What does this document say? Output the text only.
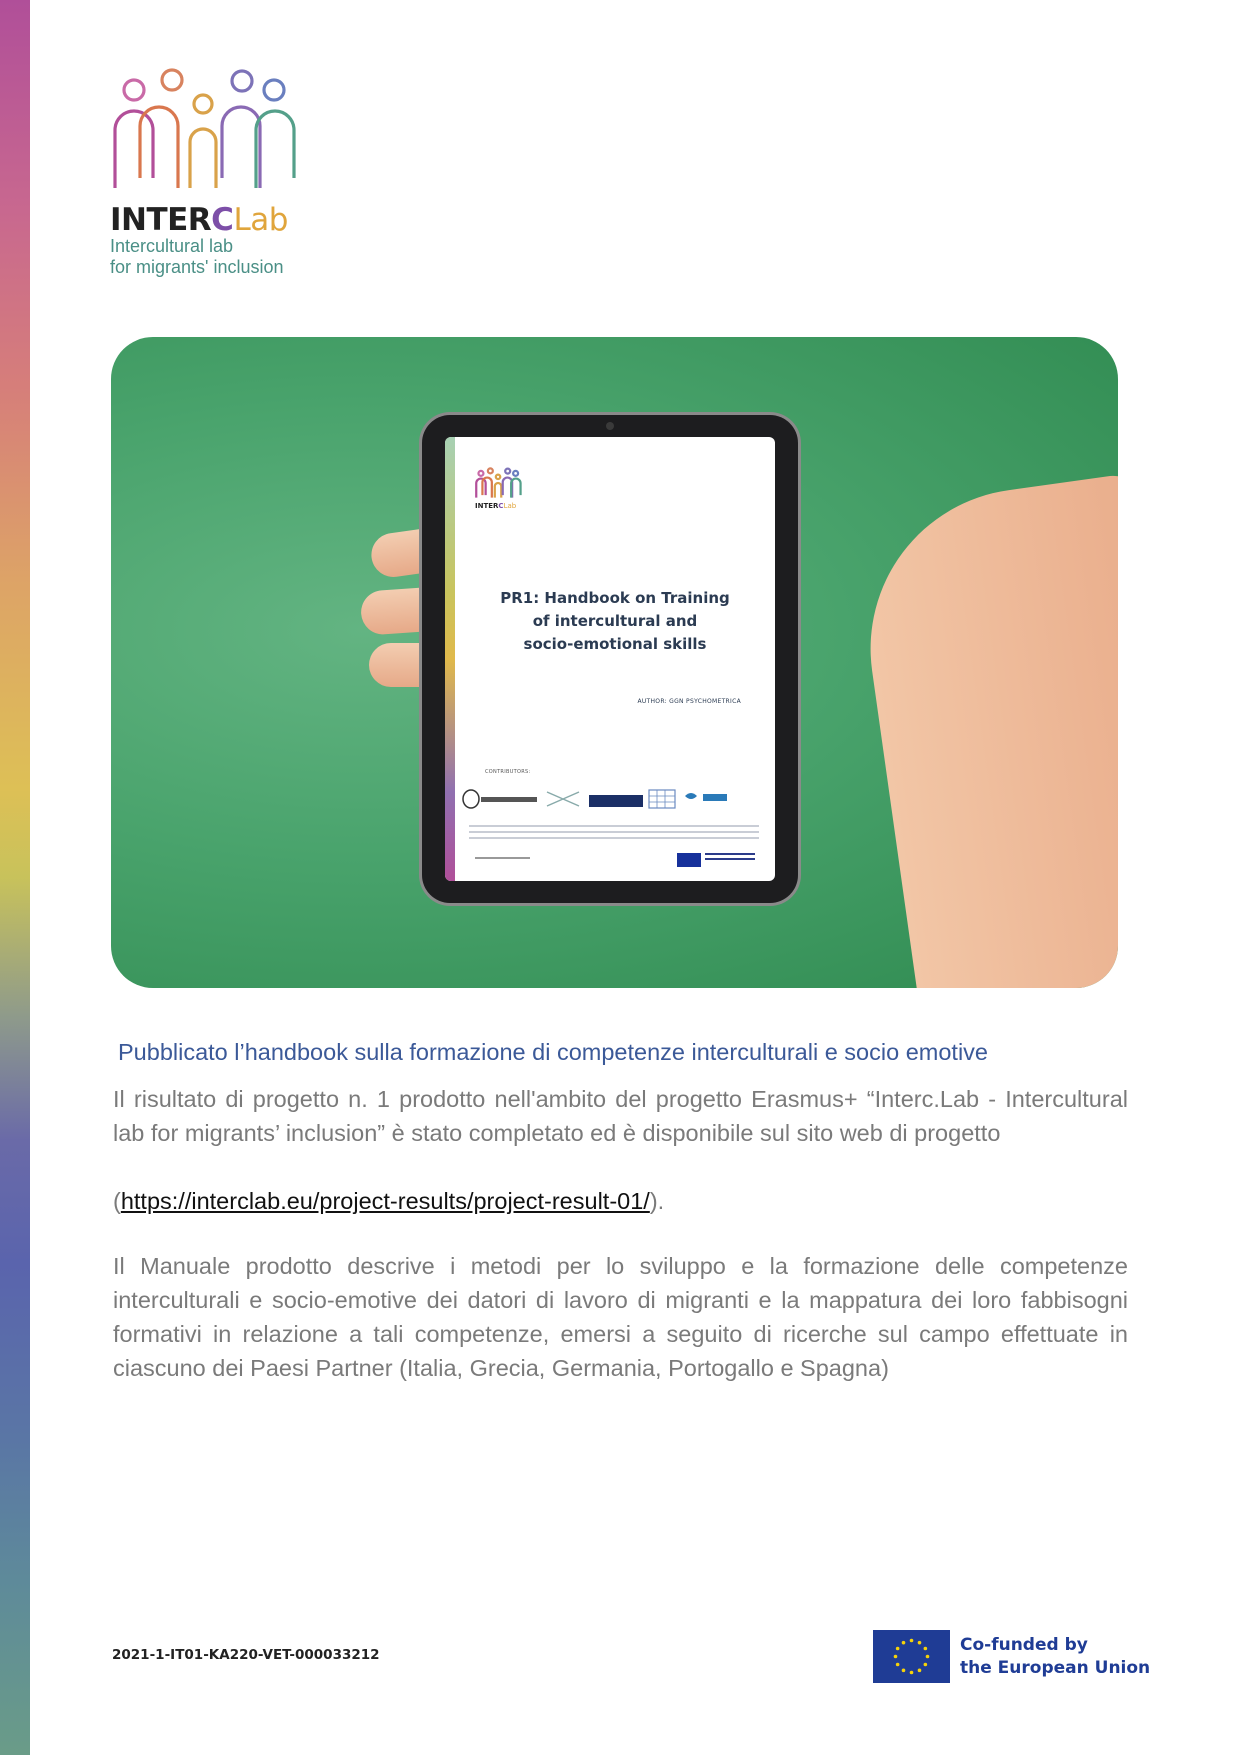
INTERCLab
Intercultural lab
for migrants' inclusion
INTERCLab
PR1: Handbook on Training
of intercultural and
socio-emotional skills
AUTHOR: GGN PSYCHOMETRICA
CONTRIBUTORS:
Pubblicato l’handbook sulla formazione di competenze interculturali e socio emotive

Il risultato di progetto n. 1 prodotto nell'ambito del progetto Erasmus+ “Interc.Lab - Intercultural lab for migrants’ inclusion” è stato completato ed è disponibile sul sito web di progetto

(https://interclab.eu/project-results/project-result-01/).

Il Manuale prodotto descrive i metodi per lo sviluppo e la formazione delle competenze interculturali e socio-emotive dei datori di lavoro di migranti e la mappatura dei loro fabbisogni formativi in relazione a tali competenze, emersi a seguito di ricerche sul campo effettuate in ciascuno dei Paesi Partner (Italia, Grecia, Germania, Portogallo e Spagna)

2021-1-IT01-KA220-VET-000033212	Co-funded by
the European Union
